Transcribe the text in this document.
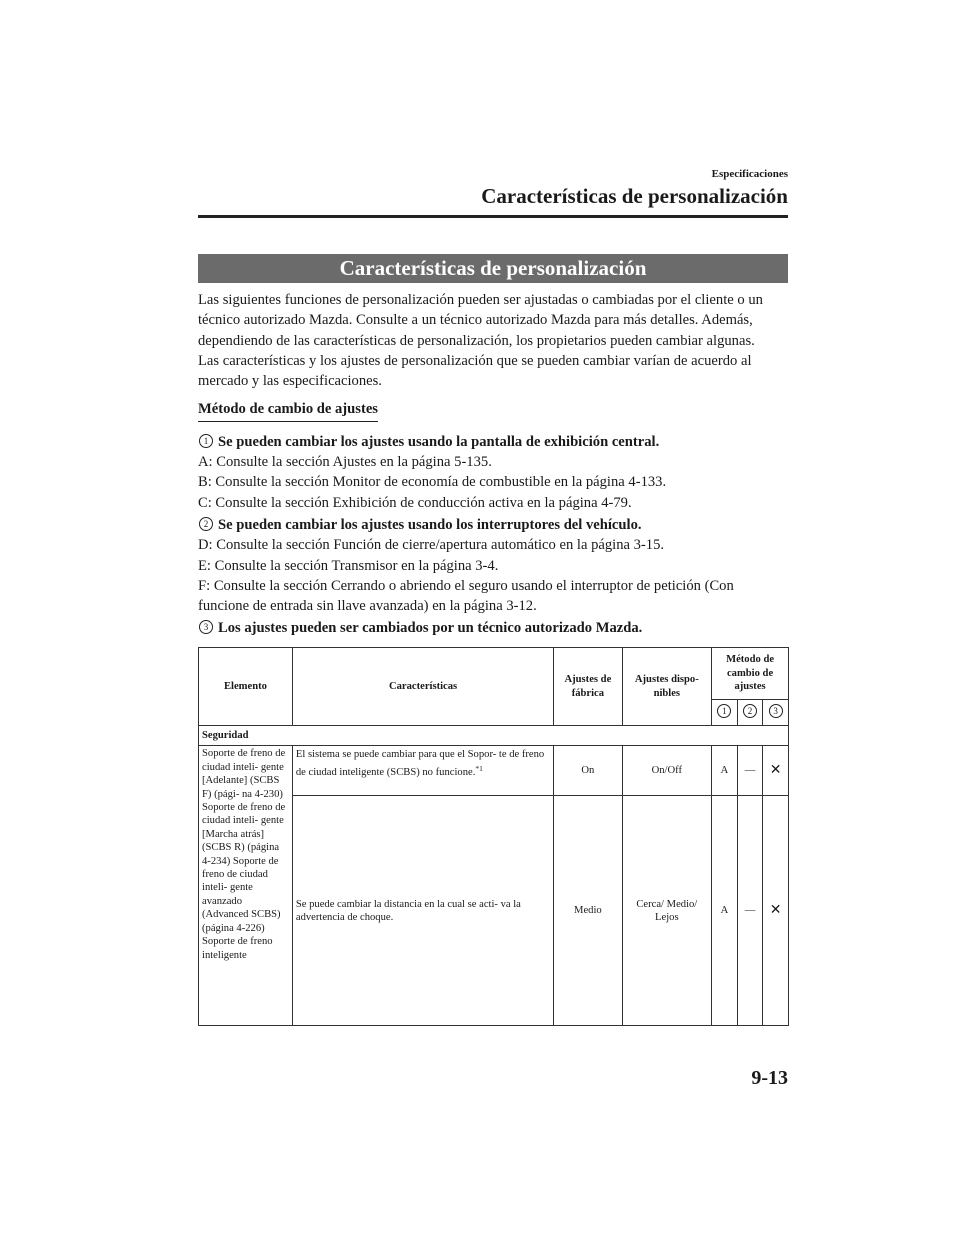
Especificaciones
Características de personalización
Características de personalización

Las siguientes funciones de personalización pueden ser ajustadas o cambiadas por el cliente o un técnico autorizado Mazda. Consulte a un técnico autorizado Mazda para más detalles. Además, dependiendo de las características de personalización, los propietarios pueden cambiar algunas.

Las características y los ajustes de personalización que se pueden cambiar varían de acuerdo al mercado y las especificaciones.

Método de cambio de ajustes
1 Se pueden cambiar los ajustes usando la pantalla de exhibición central.

A: Consulte la sección Ajustes en la página 5-135.

B: Consulte la sección Monitor de economía de combustible en la página 4-133.

C: Consulte la sección Exhibición de conducción activa en la página 4-79.

2 Se pueden cambiar los ajustes usando los interruptores del vehículo.

D: Consulte la sección Función de cierre/apertura automático en la página 3-15.

E: Consulte la sección Transmisor en la página 3-4.

F: Consulte la sección Cerrando o abriendo el seguro usando el interruptor de petición (Con funcione de entrada sin llave avanzada) en la página 3-12.

3 Los ajustes pueden ser cambiados por un técnico autorizado Mazda.
Elemento	Características	Ajustes de fábrica	Ajustes dispo- nibles	Método de cambio de ajustes		
				1	2	3
Seguridad						
Soporte de freno de ciudad inteli- gente [Adelante] (SCBS F) (pági- na 4-230) Soporte de freno de ciudad inteli- gente [Marcha atrás] (SCBS R) (página 4-234) Soporte de freno de ciudad inteli- gente avanzado (Advanced SCBS) (página 4-226) Soporte de freno inteligente	El sistema se puede cambiar para que el Sopor- te de freno de ciudad inteligente (SCBS) no funcione.$^{*1}$	On	On/Off	A	—	✕
	Se puede cambiar la distancia en la cual se acti- va la advertencia de choque.	Medio	Cerca/ Medio/ Lejos	A	—	✕
9-13
